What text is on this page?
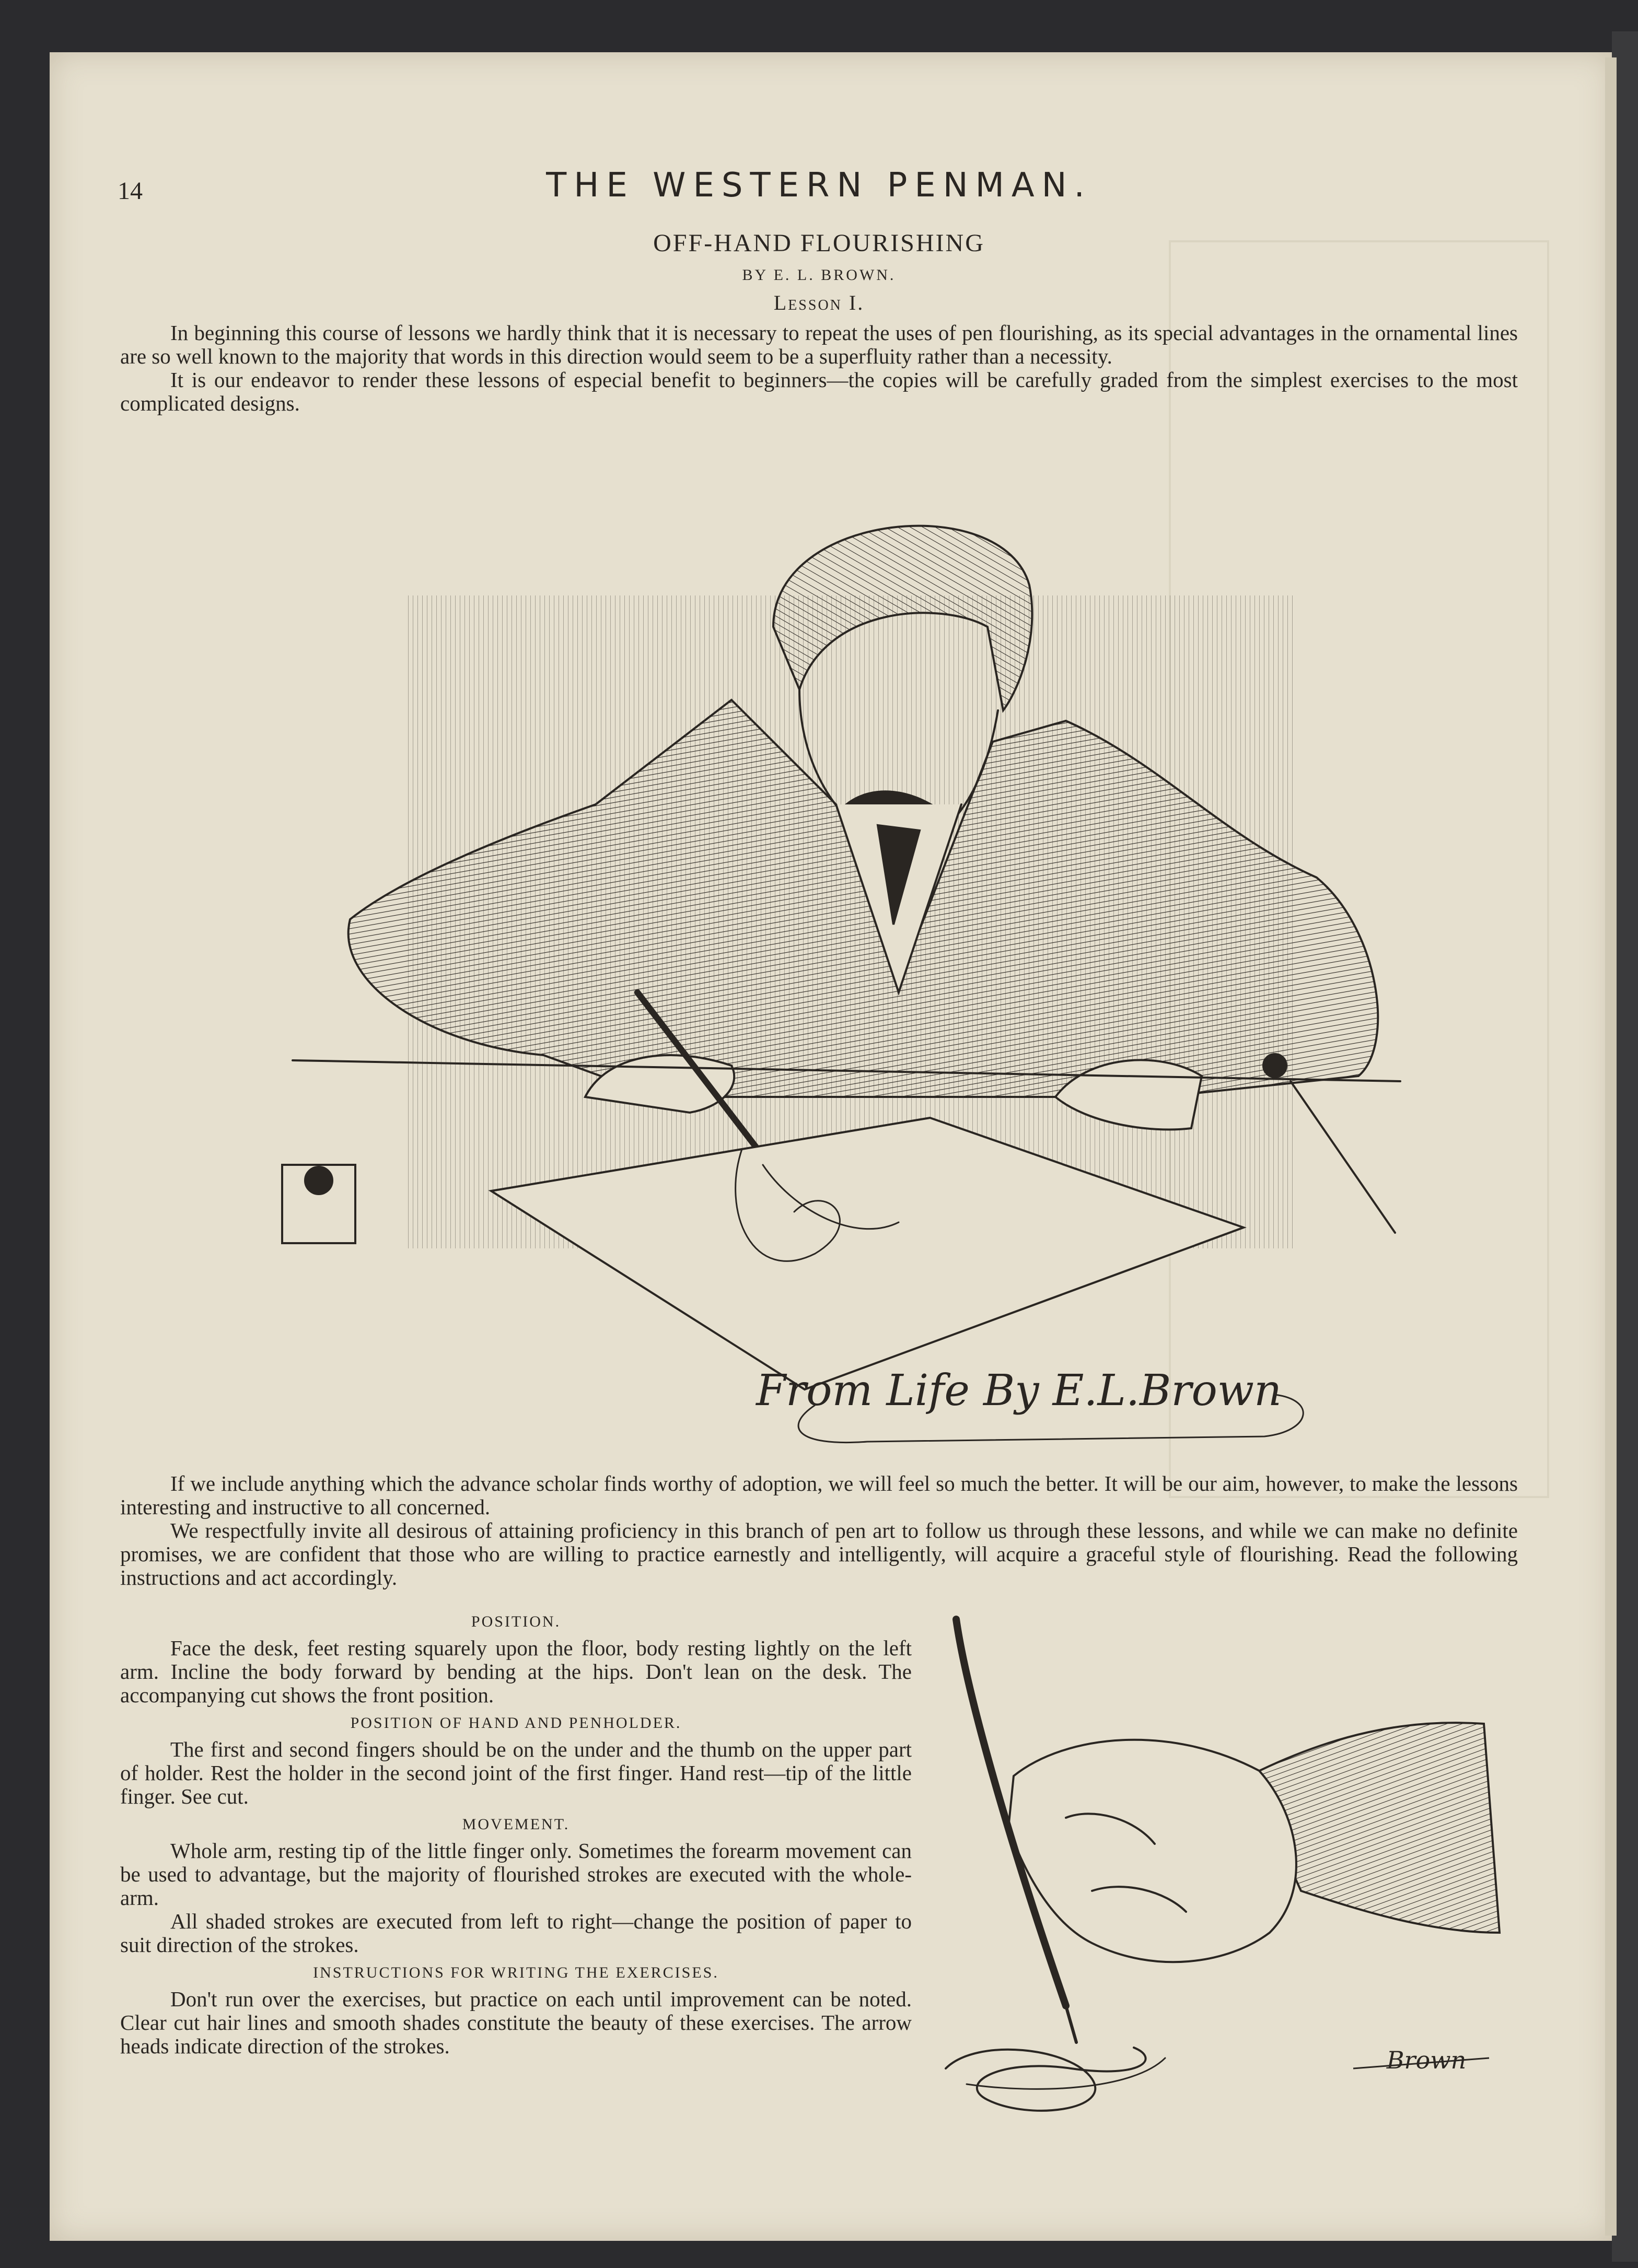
14	THE WESTERN PENMAN.
OFF-HAND FLOURISHING
BY E. L. BROWN.
Lesson I.

In beginning this course of lessons we hardly think that it is necessary to repeat the uses of pen flourishing, as its special advantages in the ornamental lines are so well known to the majority that words in this direction would seem to be a superfluity rather than a necessity.

It is our endeavor to render these lessons of especial benefit to beginners—the copies will be carefully graded from the simplest exercises to the most complicated designs.

From Life By E.L.Brown

If we include anything which the advance scholar finds worthy of adoption, we will feel so much the better. It will be our aim, however, to make the lessons interesting and instructive to all concerned.

We respectfully invite all desirous of attaining proficiency in this branch of pen art to follow us through these lessons, and while we can make no definite promises, we are confident that those who are willing to practice earnestly and intelligently, will acquire a graceful style of flourishing. Read the following instructions and act accordingly.

POSITION.

Face the desk, feet resting squarely upon the floor, body resting lightly on the left arm. Incline the body forward by bending at the hips. Don't lean on the desk. The accompanying cut shows the front position.

POSITION OF HAND AND PENHOLDER.

The first and second fingers should be on the under and the thumb on the upper part of holder. Rest the holder in the second joint of the first finger. Hand rest—tip of the little finger. See cut.

MOVEMENT.

Whole arm, resting tip of the little finger only. Sometimes the forearm movement can be used to advantage, but the majority of flourished strokes are executed with the whole-arm.

All shaded strokes are executed from left to right—change the position of paper to suit direction of the strokes.

INSTRUCTIONS FOR WRITING THE EXERCISES.

Don't run over the exercises, but practice on each until improvement can be noted. Clear cut hair lines and smooth shades constitute the beauty of these exercises. The arrow heads indicate direction of the strokes.	Brown
